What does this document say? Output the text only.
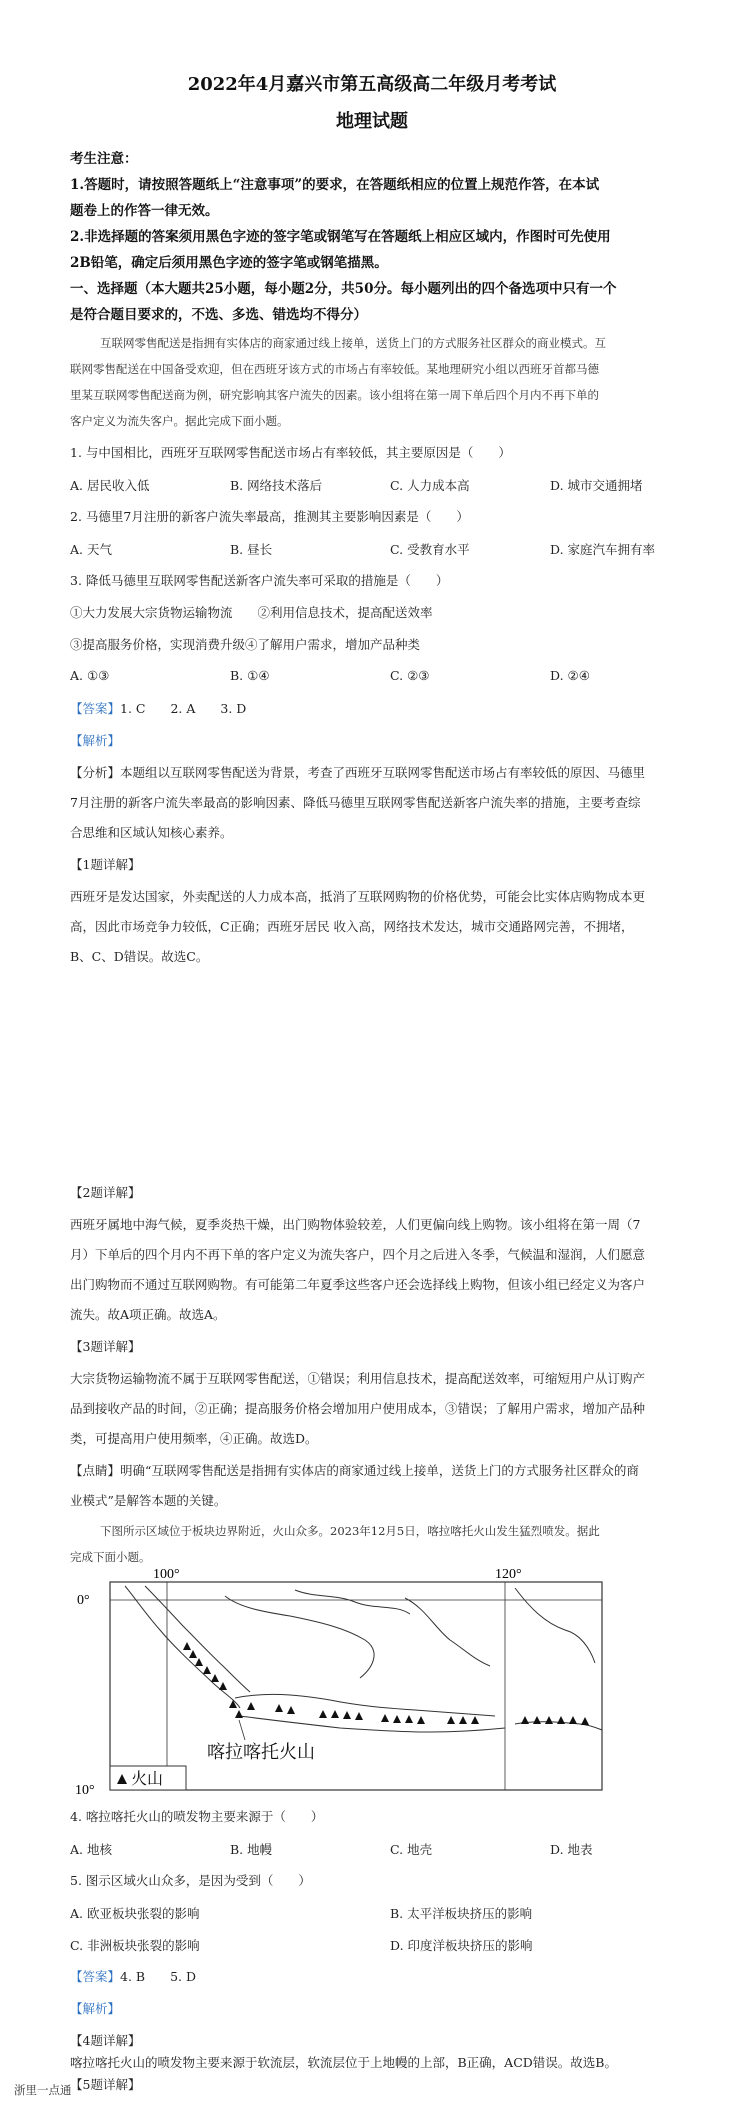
2022年4月嘉兴市第五高级高二年级月考考试
地理试题
考生注意：
1.答题时，请按照答题纸上“注意事项”的要求，在答题纸相应的位置上规范作答，在本试
题卷上的作答一律无效。
2.非选择题的答案须用黑色字迹的签字笔或钢笔写在答题纸上相应区域内，作图时可先使用
2B铅笔，确定后须用黑色字迹的签字笔或钢笔描黑。
一、选择题（本大题共25小题，每小题2分，共50分。每小题列出的四个备选项中只有一个
是符合题目要求的，不选、多选、错选均不得分）
互联网零售配送是指拥有实体店的商家通过线上接单，送货上门的方式服务社区群众的商业模式。互
联网零售配送在中国备受欢迎，但在西班牙该方式的市场占有率较低。某地理研究小组以西班牙首都马德
里某互联网零售配送商为例，研究影响其客户流失的因素。该小组将在第一周下单后四个月内不再下单的
客户定义为流失客户。据此完成下面小题。
1. 与中国相比，西班牙互联网零售配送市场占有率较低，其主要原因是（　　）
A. 居民收入低	B. 网络技术落后	C. 人力成本高	D. 城市交通拥堵
2. 马德里7月注册的新客户流失率最高，推测其主要影响因素是（　　）
A. 天气	B. 昼长	C. 受教育水平	D. 家庭汽车拥有率
3. 降低马德里互联网零售配送新客户流失率可采取的措施是（　　）
①大力发展大宗货物运输物流　　②利用信息技术，提高配送效率
③提高服务价格，实现消费升级④了解用户需求，增加产品种类
A. ①③	B. ①④	C. ②③	D. ②④
【答案】1. C　　2. A　　3. D
【解析】
【分析】本题组以互联网零售配送为背景，考查了西班牙互联网零售配送市场占有率较低的原因、马德里
7月注册的新客户流失率最高的影响因素、降低马德里互联网零售配送新客户流失率的措施，主要考查综
合思维和区域认知核心素养。
【1题详解】
西班牙是发达国家，外卖配送的人力成本高，抵消了互联网购物的价格优势，可能会比实体店购物成本更
高，因此市场竞争力较低，C正确；西班牙居民 收入高，网络技术发达，城市交通路网完善，不拥堵，
B、C、D错误。故选C。
【2题详解】
西班牙属地中海气候，夏季炎热干燥，出门购物体验较差，人们更偏向线上购物。该小组将在第一周（7
月）下单后的四个月内不再下单的客户定义为流失客户，四个月之后进入冬季，气候温和湿润，人们愿意
出门购物而不通过互联网购物。有可能第二年夏季这些客户还会选择线上购物，但该小组已经定义为客户
流失。故A项正确。故选A。
【3题详解】
大宗货物运输物流不属于互联网零售配送，①错误；利用信息技术，提高配送效率，可缩短用户从订购产
品到接收产品的时间，②正确；提高服务价格会增加用户使用成本，③错误；了解用户需求，增加产品种
类，可提高用户使用频率，④正确。故选D。
【点睛】明确“互联网零售配送是指拥有实体店的商家通过线上接单，送货上门的方式服务社区群众的商
业模式”是解答本题的关键。
下图所示区域位于板块边界附近，火山众多。2023年12月5日，喀拉喀托火山发生猛烈喷发。据此
完成下面小题。
100°	120°
0°
10°
喀拉喀托火山
火山
4. 喀拉喀托火山的喷发物主要来源于（　　）
A. 地核	B. 地幔	C. 地壳	D. 地表
5. 图示区域火山众多，是因为受到（　　）
A. 欧亚板块张裂的影响	B. 太平洋板块挤压的影响
C. 非洲板块张裂的影响	D. 印度洋板块挤压的影响
【答案】4. B　　5. D
【解析】
【4题详解】
喀拉喀托火山的喷发物主要来源于软流层，软流层位于上地幔的上部，B正确，ACD错误。故选B。
【5题详解】
浙里一点通
